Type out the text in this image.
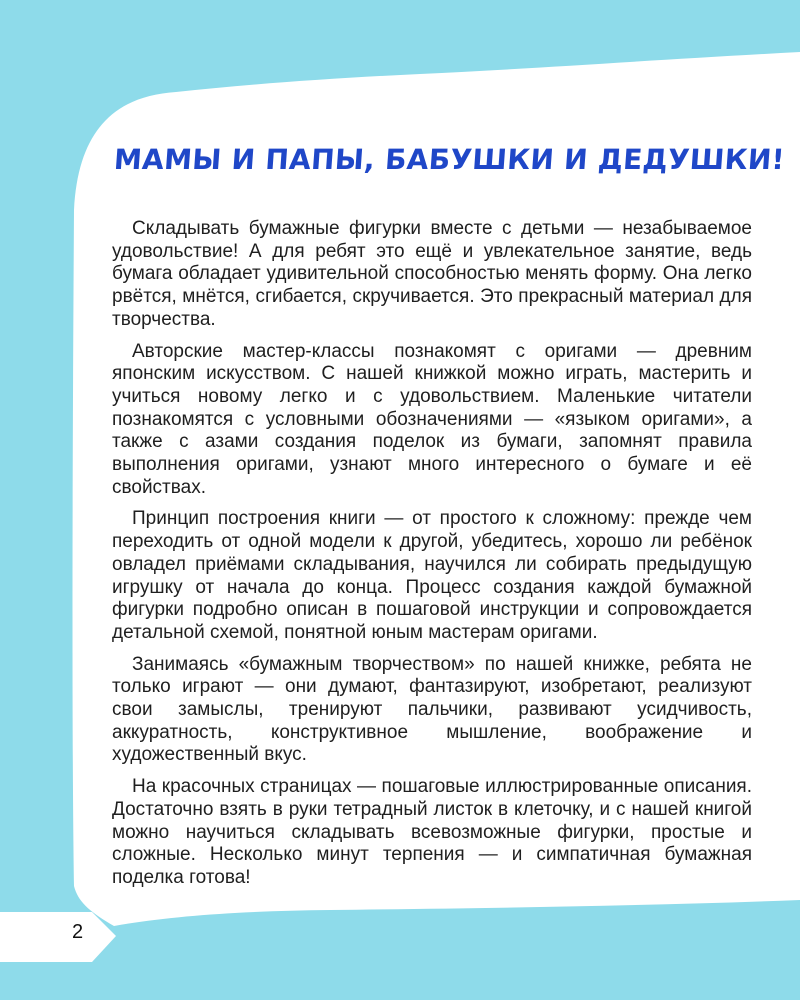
МАМЫ И ПАПЫ, БАБУШКИ И ДЕДУШКИ!

Складывать бумажные фигурки вместе с детьми — незабываемое удовольствие! А для ребят это ещё и увлекательное занятие, ведь бумага обладает удивительной способностью менять форму. Она легко рвётся, мнётся, сгибается, скручивается. Это прекрасный материал для творчества.

Авторские мастер-классы познакомят с оригами — древним японским искусством. С нашей книжкой можно играть, мастерить и учиться новому легко и с удовольствием. Маленькие читатели познакомятся с условными обозначениями — «языком оригами», а также с азами создания поделок из бумаги, запомнят правила выполнения оригами, узнают много интересного о бумаге и её свойствах.

Принцип построения книги — от простого к сложному: прежде чем переходить от одной модели к другой, убедитесь, хорошо ли ребёнок овладел приёмами складывания, научился ли собирать предыдущую игрушку от начала до конца. Процесс создания каждой бумажной фигурки подробно описан в пошаговой инструкции и сопровождается детальной схемой, понятной юным мастерам оригами.

Занимаясь «бумажным творчеством» по нашей книжке, ребята не только играют — они думают, фантазируют, изобретают, реализуют свои замыслы, тренируют пальчики, развивают усидчивость, аккуратность, конструктивное мышление, воображение и художественный вкус.

На красочных страницах — пошаговые иллюстрированные описания. Достаточно взять в руки тетрадный листок в клеточку, и с нашей книгой можно научиться складывать всевозможные фигурки, простые и сложные. Несколько минут терпения — и симпатичная бумажная поделка готова!

2
